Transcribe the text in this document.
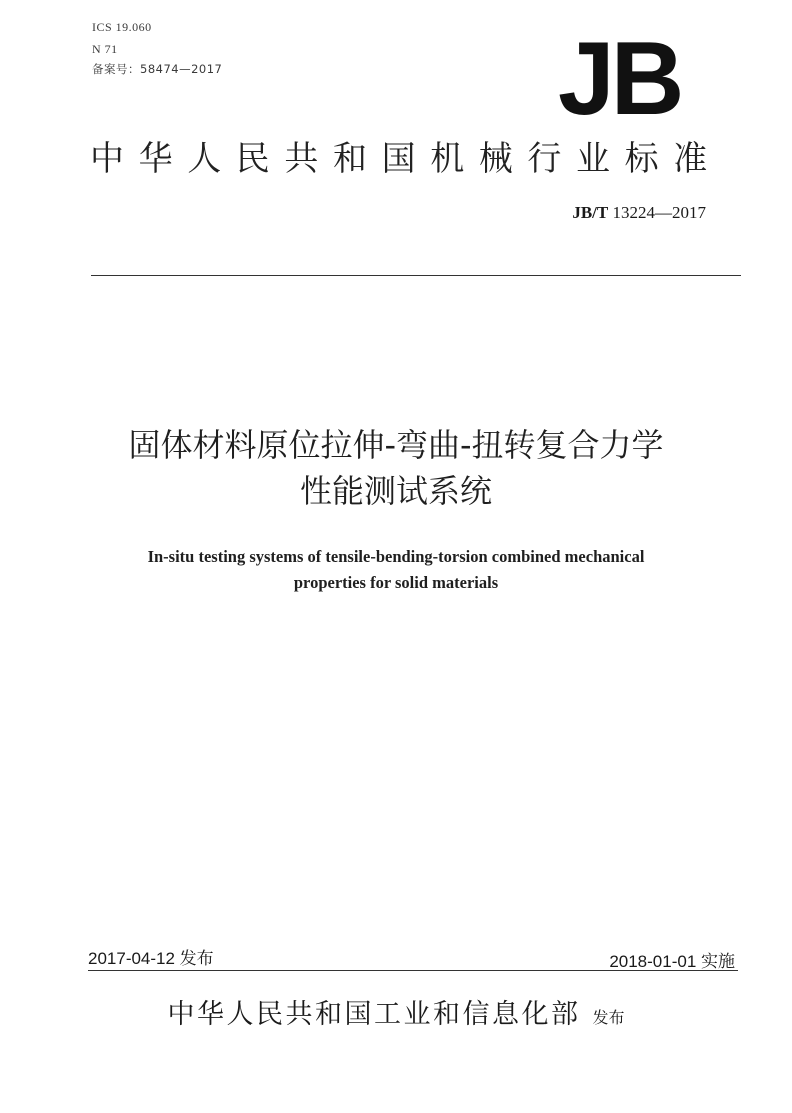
ICS 19.060
N 71
备案号：58474—2017	JB
中华人民共和国机械行业标准
JB/T 13224—2017
固体材料原位拉伸-弯曲-扭转复合力学
性能测试系统
In-situ testing systems of tensile-bending-torsion combined mechanical
properties for solid materials
2017-04-12 发布	2018-01-01 实施
中华人民共和国工业和信息化部 发布
